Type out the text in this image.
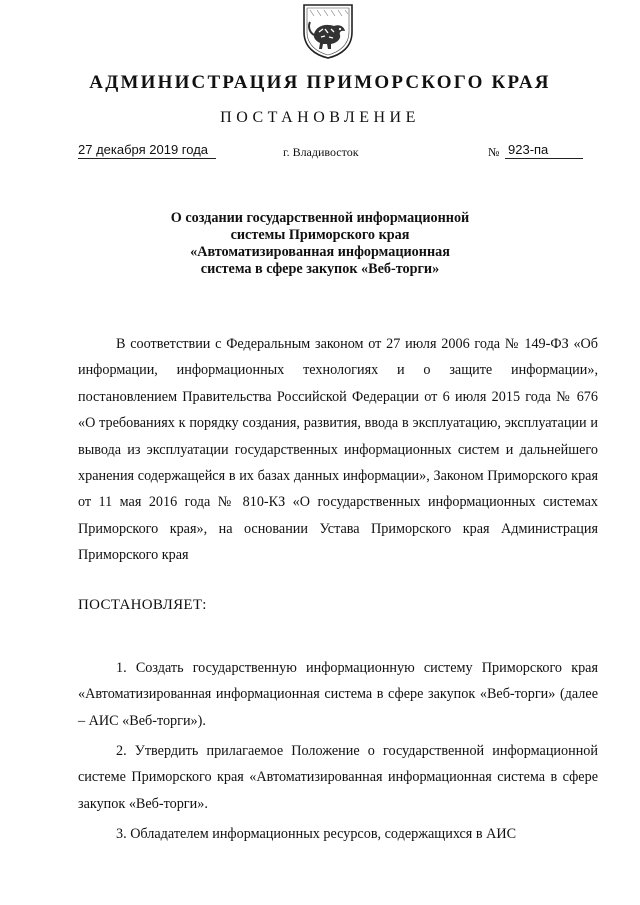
АДМИНИСТРАЦИЯ ПРИМОРСКОГО КРАЯ
ПОСТАНОВЛЕНИЕ
27 декабря 2019 года	г. Владивосток	№ 923-па
О создании государственной информационной
системы Приморского края
«Автоматизированная информационная
система в сфере закупок «Веб-торги»
В соответствии с Федеральным законом от 27 июля 2006 года № 149-ФЗ «Об информации, информационных технологиях и о защите информации», постановлением Правительства Российской Федерации от 6 июля 2015 года № 676 «О требованиях к порядку создания, развития, ввода в эксплуатацию, эксплуатации и вывода из эксплуатации государственных информационных систем и дальнейшего хранения содержащейся в их базах данных информации», Законом Приморского края от 11 мая 2016 года № 810-КЗ «О государственных информационных системах Приморского края», на основании Устава Приморского края Администрация Приморского края
ПОСТАНОВЛЯЕТ:
1. Создать государственную информационную систему Приморского края «Автоматизированная информационная система в сфере закупок «Веб-торги» (далее – АИС «Веб-торги»).
2. Утвердить прилагаемое Положение о государственной информационной системе Приморского края «Автоматизированная информационная система в сфере закупок «Веб-торги».
3. Обладателем информационных ресурсов, содержащихся в АИС
